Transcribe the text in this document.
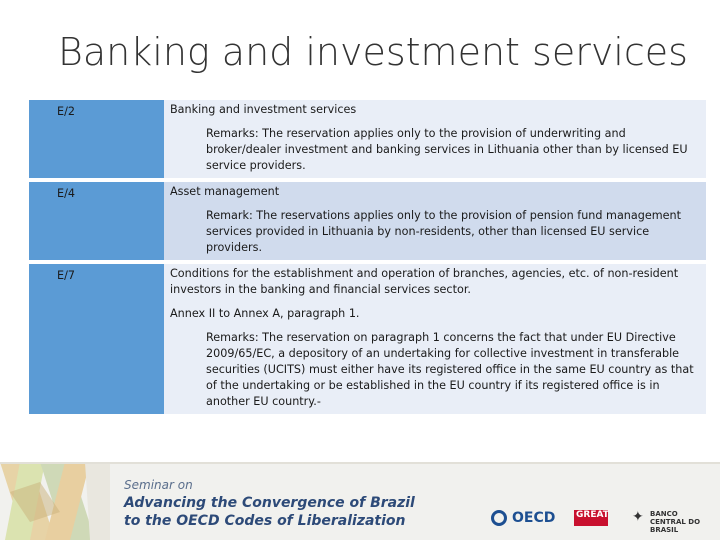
Banking and investment services
E/2	Banking and investment services
Remarks: The reservation applies only to the provision of underwriting and broker/dealer investment and banking services in Lithuania other than by licensed EU service providers.

E/4	Asset management
Remark: The reservations applies only to the provision of pension fund management services provided in Lithuania by non-residents, other than licensed EU service providers.

E/7	Conditions for the establishment and operation of branches, agencies, etc. of non-resident investors in the banking and financial services sector.
Annex II to Annex A, paragraph 1.
Remarks: The reservation on paragraph 1 concerns the fact that under EU Directive 2009/65/EC, a depository of an undertaking for collective investment in transferable securities (UCITS) must either have its registered office in the same EU country as that of the undertaking or be established in the EU country if its registered office is in another EU country.-
Seminar on
Advancing the Convergence of Brazil
to the OECD Codes of Liberalization	OECD GREAT ✦ BANCO CENTRAL DO BRASIL
